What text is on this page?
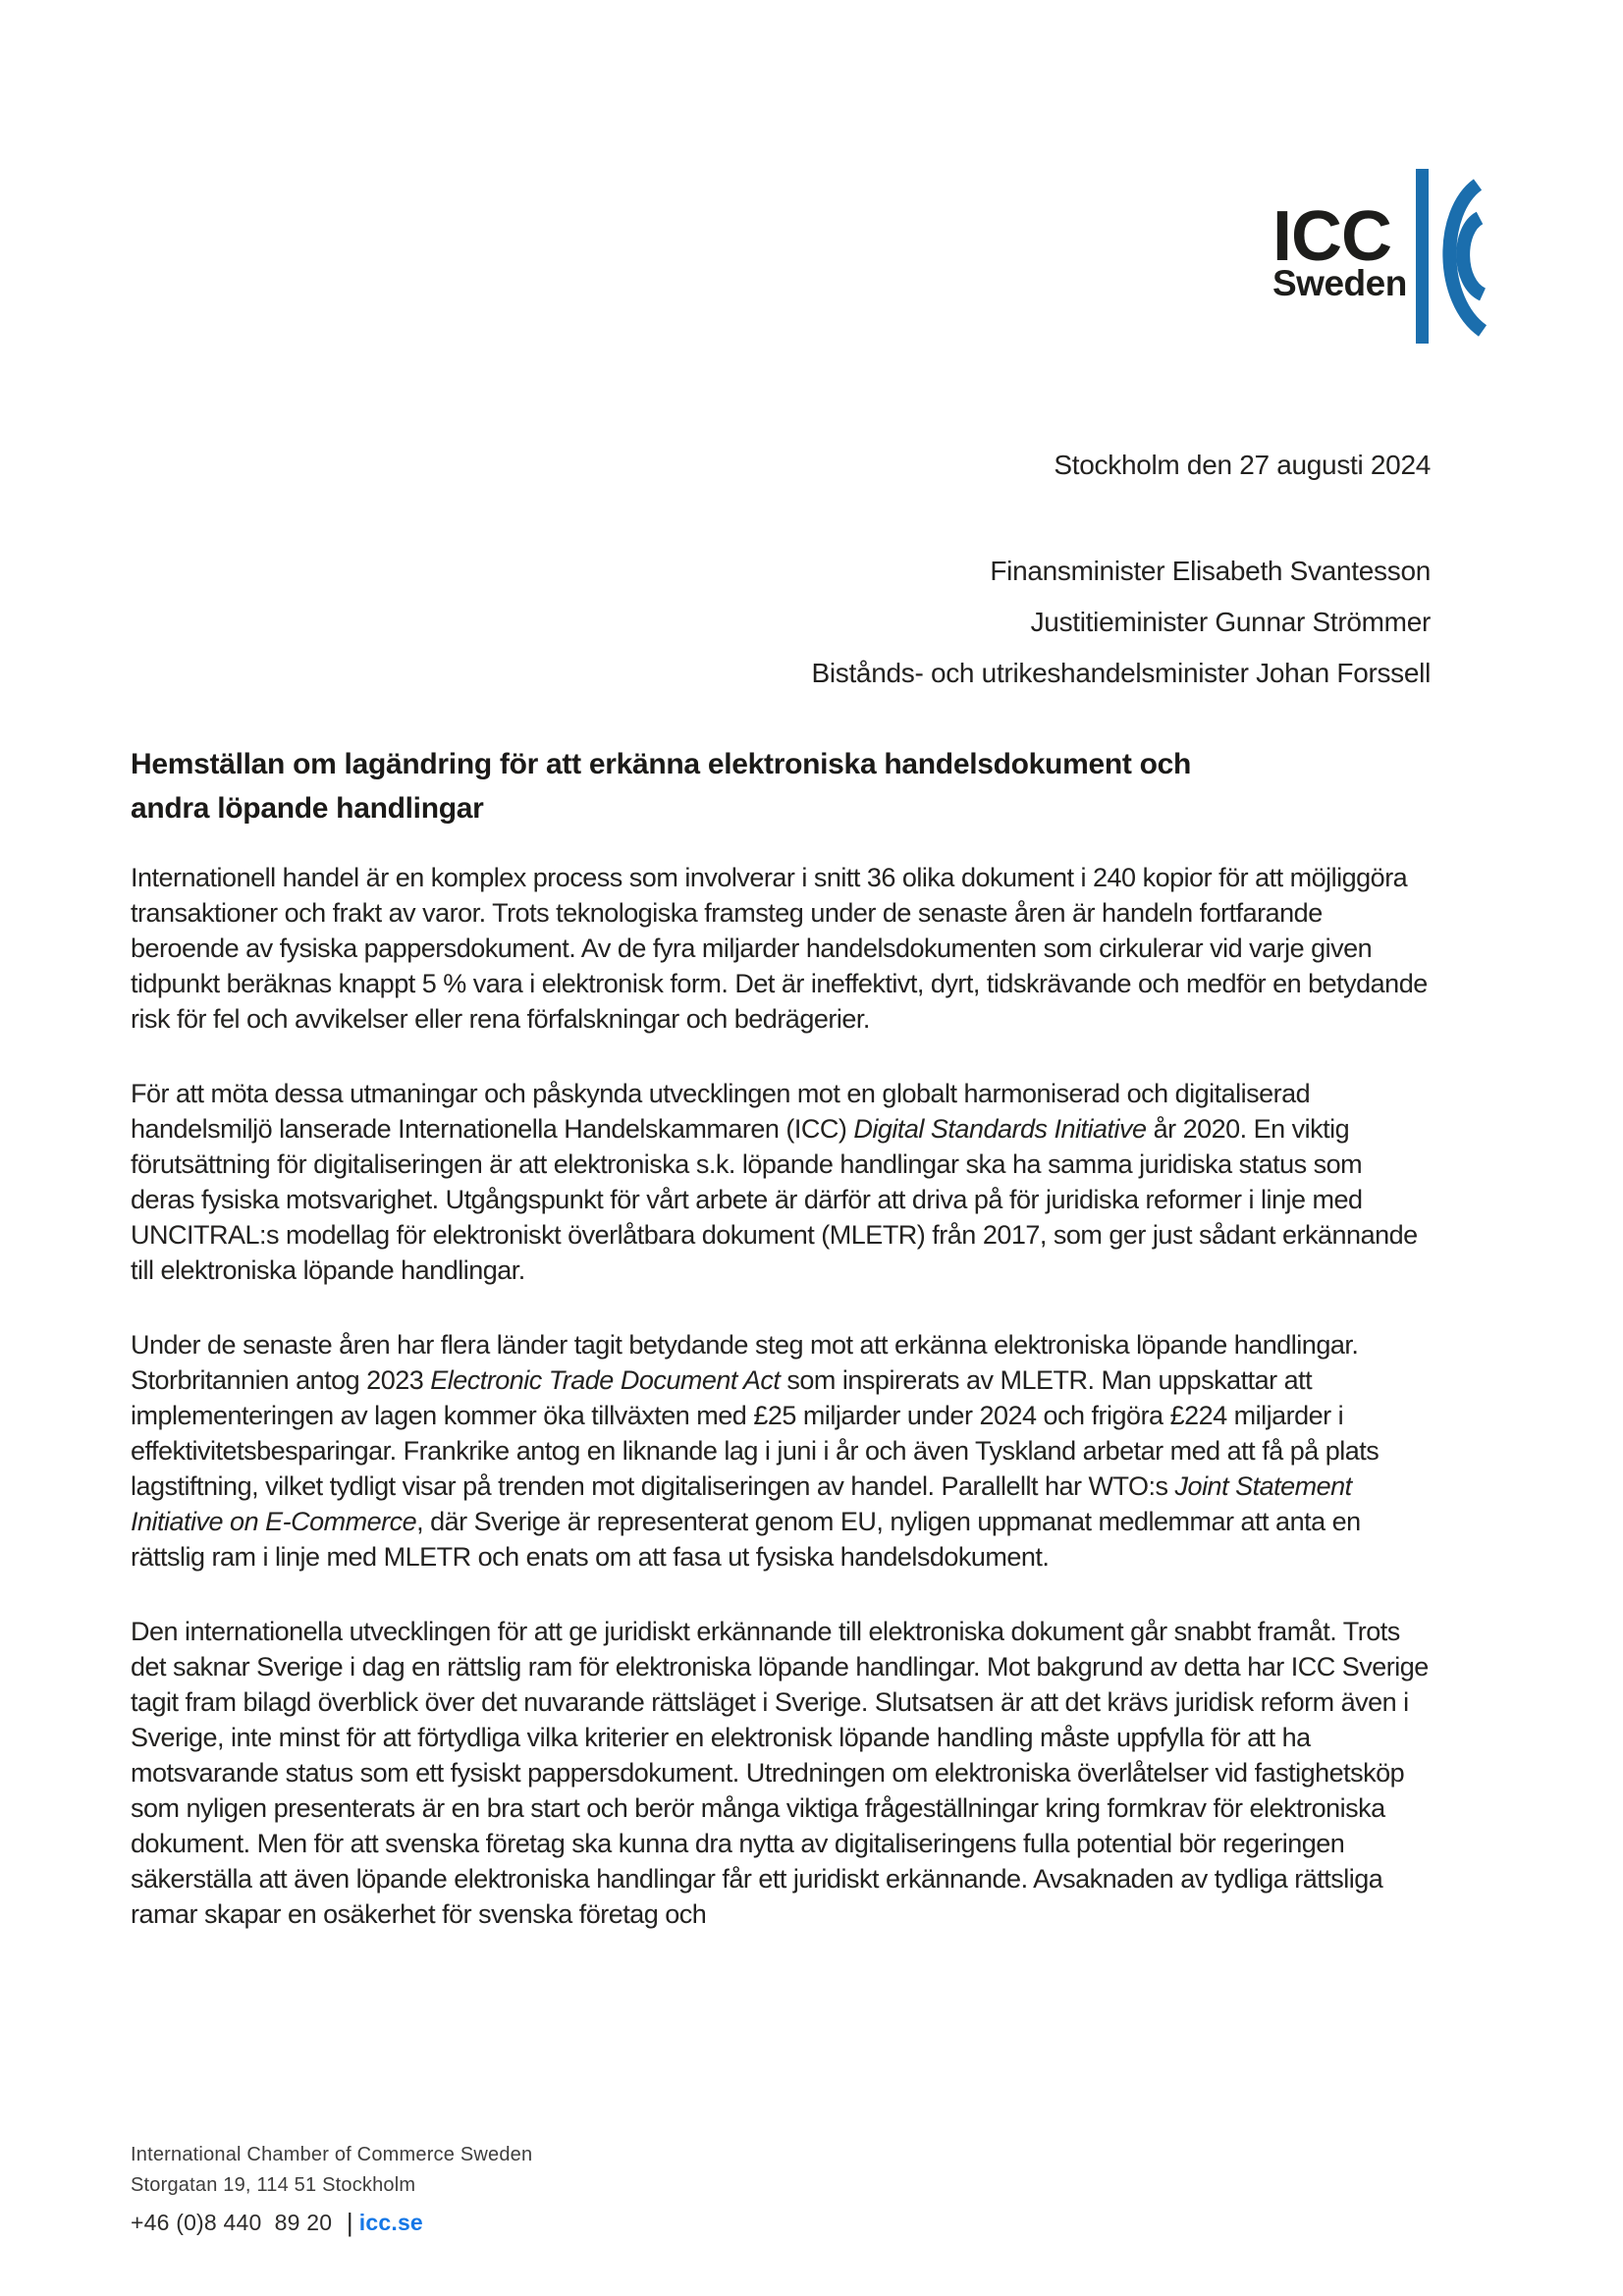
ICC
Sweden
Stockholm den 27 augusti 2024
Finansminister Elisabeth Svantesson
Justitieminister Gunnar Strömmer
Bistånds- och utrikeshandelsminister Johan Forssell
Hemställan om lagändring för att erkänna elektroniska handelsdokument och
andra löpande handlingar

Internationell handel är en komplex process som involverar i snitt 36 olika dokument i 240 kopior för att möjliggöra transaktioner och frakt av varor. Trots teknologiska framsteg under de senaste åren är handeln fortfarande beroende av fysiska pappersdokument. Av de fyra miljarder handelsdokumenten som cirkulerar vid varje given tidpunkt beräknas knappt 5 % vara i elektronisk form. Det är ineffektivt, dyrt, tidskrävande och medför en betydande risk för fel och avvikelser eller rena förfalskningar och bedrägerier.

För att möta dessa utmaningar och påskynda utvecklingen mot en globalt harmoniserad och digitaliserad handelsmiljö lanserade Internationella Handelskammaren (ICC) Digital Standards Initiative år 2020. En viktig förutsättning för digitaliseringen är att elektroniska s.k. löpande handlingar ska ha samma juridiska status som deras fysiska motsvarighet. Utgångspunkt för vårt arbete är därför att driva på för juridiska reformer i linje med UNCITRAL:s modellag för elektroniskt överlåtbara dokument (MLETR) från 2017, som ger just sådant erkännande till elektroniska löpande handlingar.

Under de senaste åren har flera länder tagit betydande steg mot att erkänna elektroniska löpande handlingar. Storbritannien antog 2023 Electronic Trade Document Act som inspirerats av MLETR. Man uppskattar att implementeringen av lagen kommer öka tillväxten med £25 miljarder under 2024 och frigöra £224 miljarder i effektivitetsbesparingar. Frankrike antog en liknande lag i juni i år och även Tyskland arbetar med att få på plats lagstiftning, vilket tydligt visar på trenden mot digitaliseringen av handel. Parallellt har WTO:s Joint Statement Initiative on E-Commerce, där Sverige är representerat genom EU, nyligen uppmanat medlemmar att anta en rättslig ram i linje med MLETR och enats om att fasa ut fysiska handelsdokument.

Den internationella utvecklingen för att ge juridiskt erkännande till elektroniska dokument går snabbt framåt. Trots det saknar Sverige i dag en rättslig ram för elektroniska löpande handlingar. Mot bakgrund av detta har ICC Sverige tagit fram bilagd överblick över det nuvarande rättsläget i Sverige. Slutsatsen är att det krävs juridisk reform även i Sverige, inte minst för att förtydliga vilka kriterier en elektronisk löpande handling måste uppfylla för att ha motsvarande status som ett fysiskt pappersdokument. Utredningen om elektroniska överlåtelser vid fastighetsköp som nyligen presenterats är en bra start och berör många viktiga frågeställningar kring formkrav för elektroniska dokument. Men för att svenska företag ska kunna dra nytta av digitaliseringens fulla potential bör regeringen säkerställa att även löpande elektroniska handlingar får ett juridiskt erkännande. Avsaknaden av tydliga rättsliga ramar skapar en osäkerhet för svenska företag och

International Chamber of Commerce Sweden
Storgatan 19, 114 51 Stockholm
+46 (0)8 440  89 20 | icc.se
